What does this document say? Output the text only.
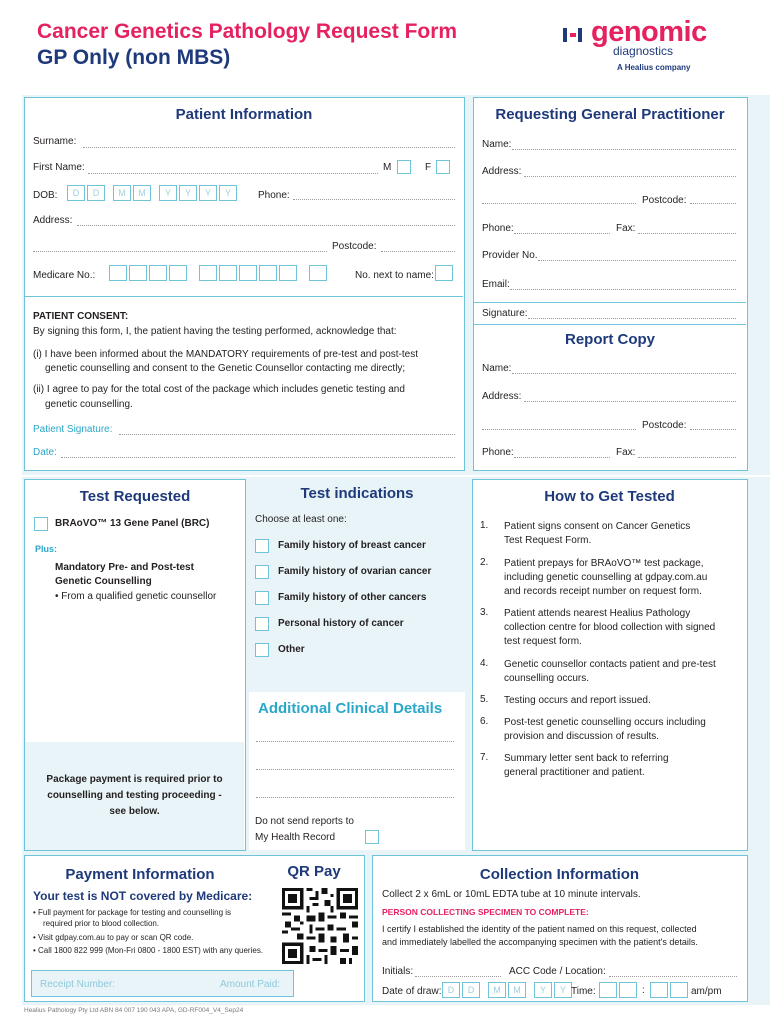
Cancer Genetics Pathology Request Form
GP Only (non MBS)
genomic
diagnostics
A Healius company
Patient Information
Surname:
First Name:	M	F
DOB:	D	D	M	M	Y	Y	Y	Y	Phone:
Address:
Postcode:
Medicare No.:	No. next to name:
PATIENT CONSENT:
By signing this form, I, the patient having the testing performed, acknowledge that:
(i) I have been informed about the MANDATORY requirements of pre-test and post-test
genetic counselling and consent to the Genetic Counsellor contacting me directly;
(ii) I agree to pay for the total cost of the package which includes genetic testing and
genetic counselling.
Patient Signature:
Date:
Requesting General Practitioner
Name:
Address:
Postcode:
Phone:	Fax:
Provider No.
Email:
Signature:
Report Copy
Name:
Address:
Postcode:
Phone:	Fax:
Test Requested
BRAoVO™ 13 Gene Panel (BRC)
Plus:
Mandatory Pre- and Post-test
Genetic Counselling
• From a qualified genetic counsellor
Package payment is required prior to
counselling and testing proceeding -
see below.
Test indications
Choose at least one:
Family history of breast cancer
Family history of ovarian cancer
Family history of other cancers
Personal history of cancer
Other
Additional Clinical Details
Do not send reports to
My Health Record
How to Get Tested
1.	Patient signs consent on Cancer Genetics
Test Request Form.
2.	Patient prepays for BRAoVO™ test package,
including genetic counselling at gdpay.com.au
and records receipt number on request form.
3.	Patient attends nearest Healius Pathology
collection centre for blood collection with signed
test request form.
4.	Genetic counsellor contacts patient and pre-test
counselling occurs.
5.	Testing occurs and report issued.
6.	Post-test genetic counselling occurs including
provision and discussion of results.
7.	Summary letter sent back to referring
general practitioner and patient.
Payment Information	QR Pay
Your test is NOT covered by Medicare:
• Full payment for package for testing and counselling is
required prior to blood collection.
• Visit gdpay.com.au to pay or scan QR code.
• Call 1800 822 999 (Mon-Fri 0800 - 1800 EST) with any queries.
Receipt Number:	Amount Paid:
Collection Information
Collect 2 x 6mL or 10mL EDTA tube at 10 minute intervals.
PERSON COLLECTING SPECIMEN TO COMPLETE:
I certify I established the identity of the patient named on this request, collected
and immediately labelled the accompanying specimen with the patient's details.
Initials:	ACC Code / Location:
Date of draw: D	D	M	M	Y	Y Time:	:	am/pm
Healius Pathology Pty Ltd ABN 84 007 190 043 APA, GD-RF004_V4_Sep24
